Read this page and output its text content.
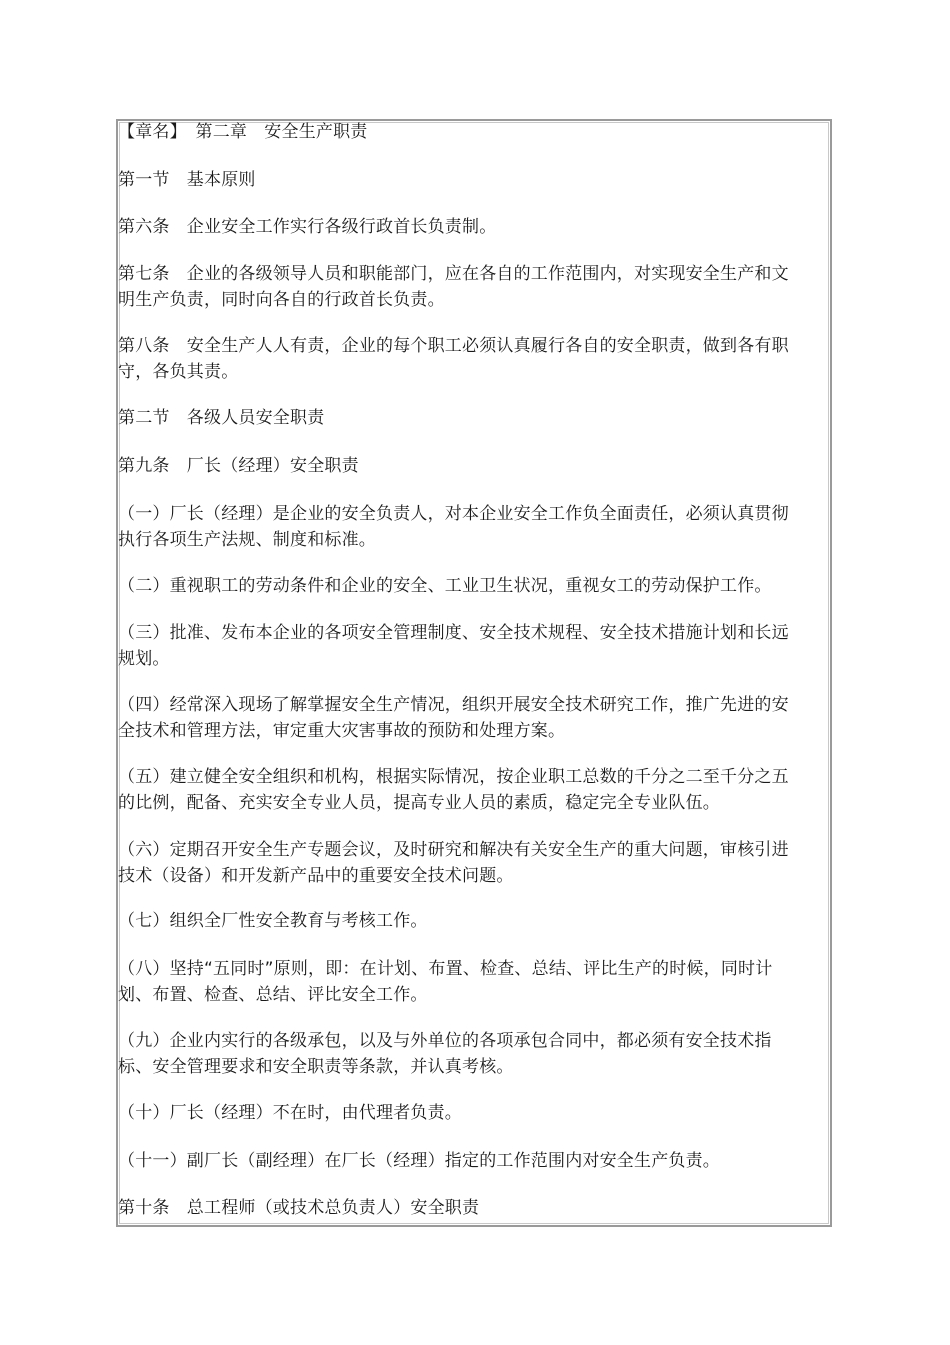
【章名】　第二章　安全生产职责

第一节　基本原则

第六条　企业安全工作实行各级行政首长负责制。

第七条　企业的各级领导人员和职能部门，应在各自的工作范围内，对实现安全生产和文明生产负责，同时向各自的行政首长负责。

第八条　安全生产人人有责，企业的每个职工必须认真履行各自的安全职责，做到各有职守，各负其责。

第二节　各级人员安全职责

第九条　厂长（经理）安全职责

（一）厂长（经理）是企业的安全负责人，对本企业安全工作负全面责任，必须认真贯彻执行各项生产法规、制度和标准。

（二）重视职工的劳动条件和企业的安全、工业卫生状况，重视女工的劳动保护工作。

（三）批准、发布本企业的各项安全管理制度、安全技术规程、安全技术措施计划和长远规划。

（四）经常深入现场了解掌握安全生产情况，组织开展安全技术研究工作，推广先进的安全技术和管理方法，审定重大灾害事故的预防和处理方案。

（五）建立健全安全组织和机构，根据实际情况，按企业职工总数的千分之二至千分之五的比例，配备、充实安全专业人员，提高专业人员的素质，稳定完全专业队伍。

（六）定期召开安全生产专题会议，及时研究和解决有关安全生产的重大问题，审核引进技术（设备）和开发新产品中的重要安全技术问题。

（七）组织全厂性安全教育与考核工作。

（八）坚持“五同时”原则，即：在计划、布置、检查、总结、评比生产的时候，同时计划、布置、检查、总结、评比安全工作。

（九）企业内实行的各级承包，以及与外单位的各项承包合同中，都必须有安全技术指标、安全管理要求和安全职责等条款，并认真考核。

（十）厂长（经理）不在时，由代理者负责。

（十一）副厂长（副经理）在厂长（经理）指定的工作范围内对安全生产负责。

第十条　总工程师（或技术总负责人）安全职责
